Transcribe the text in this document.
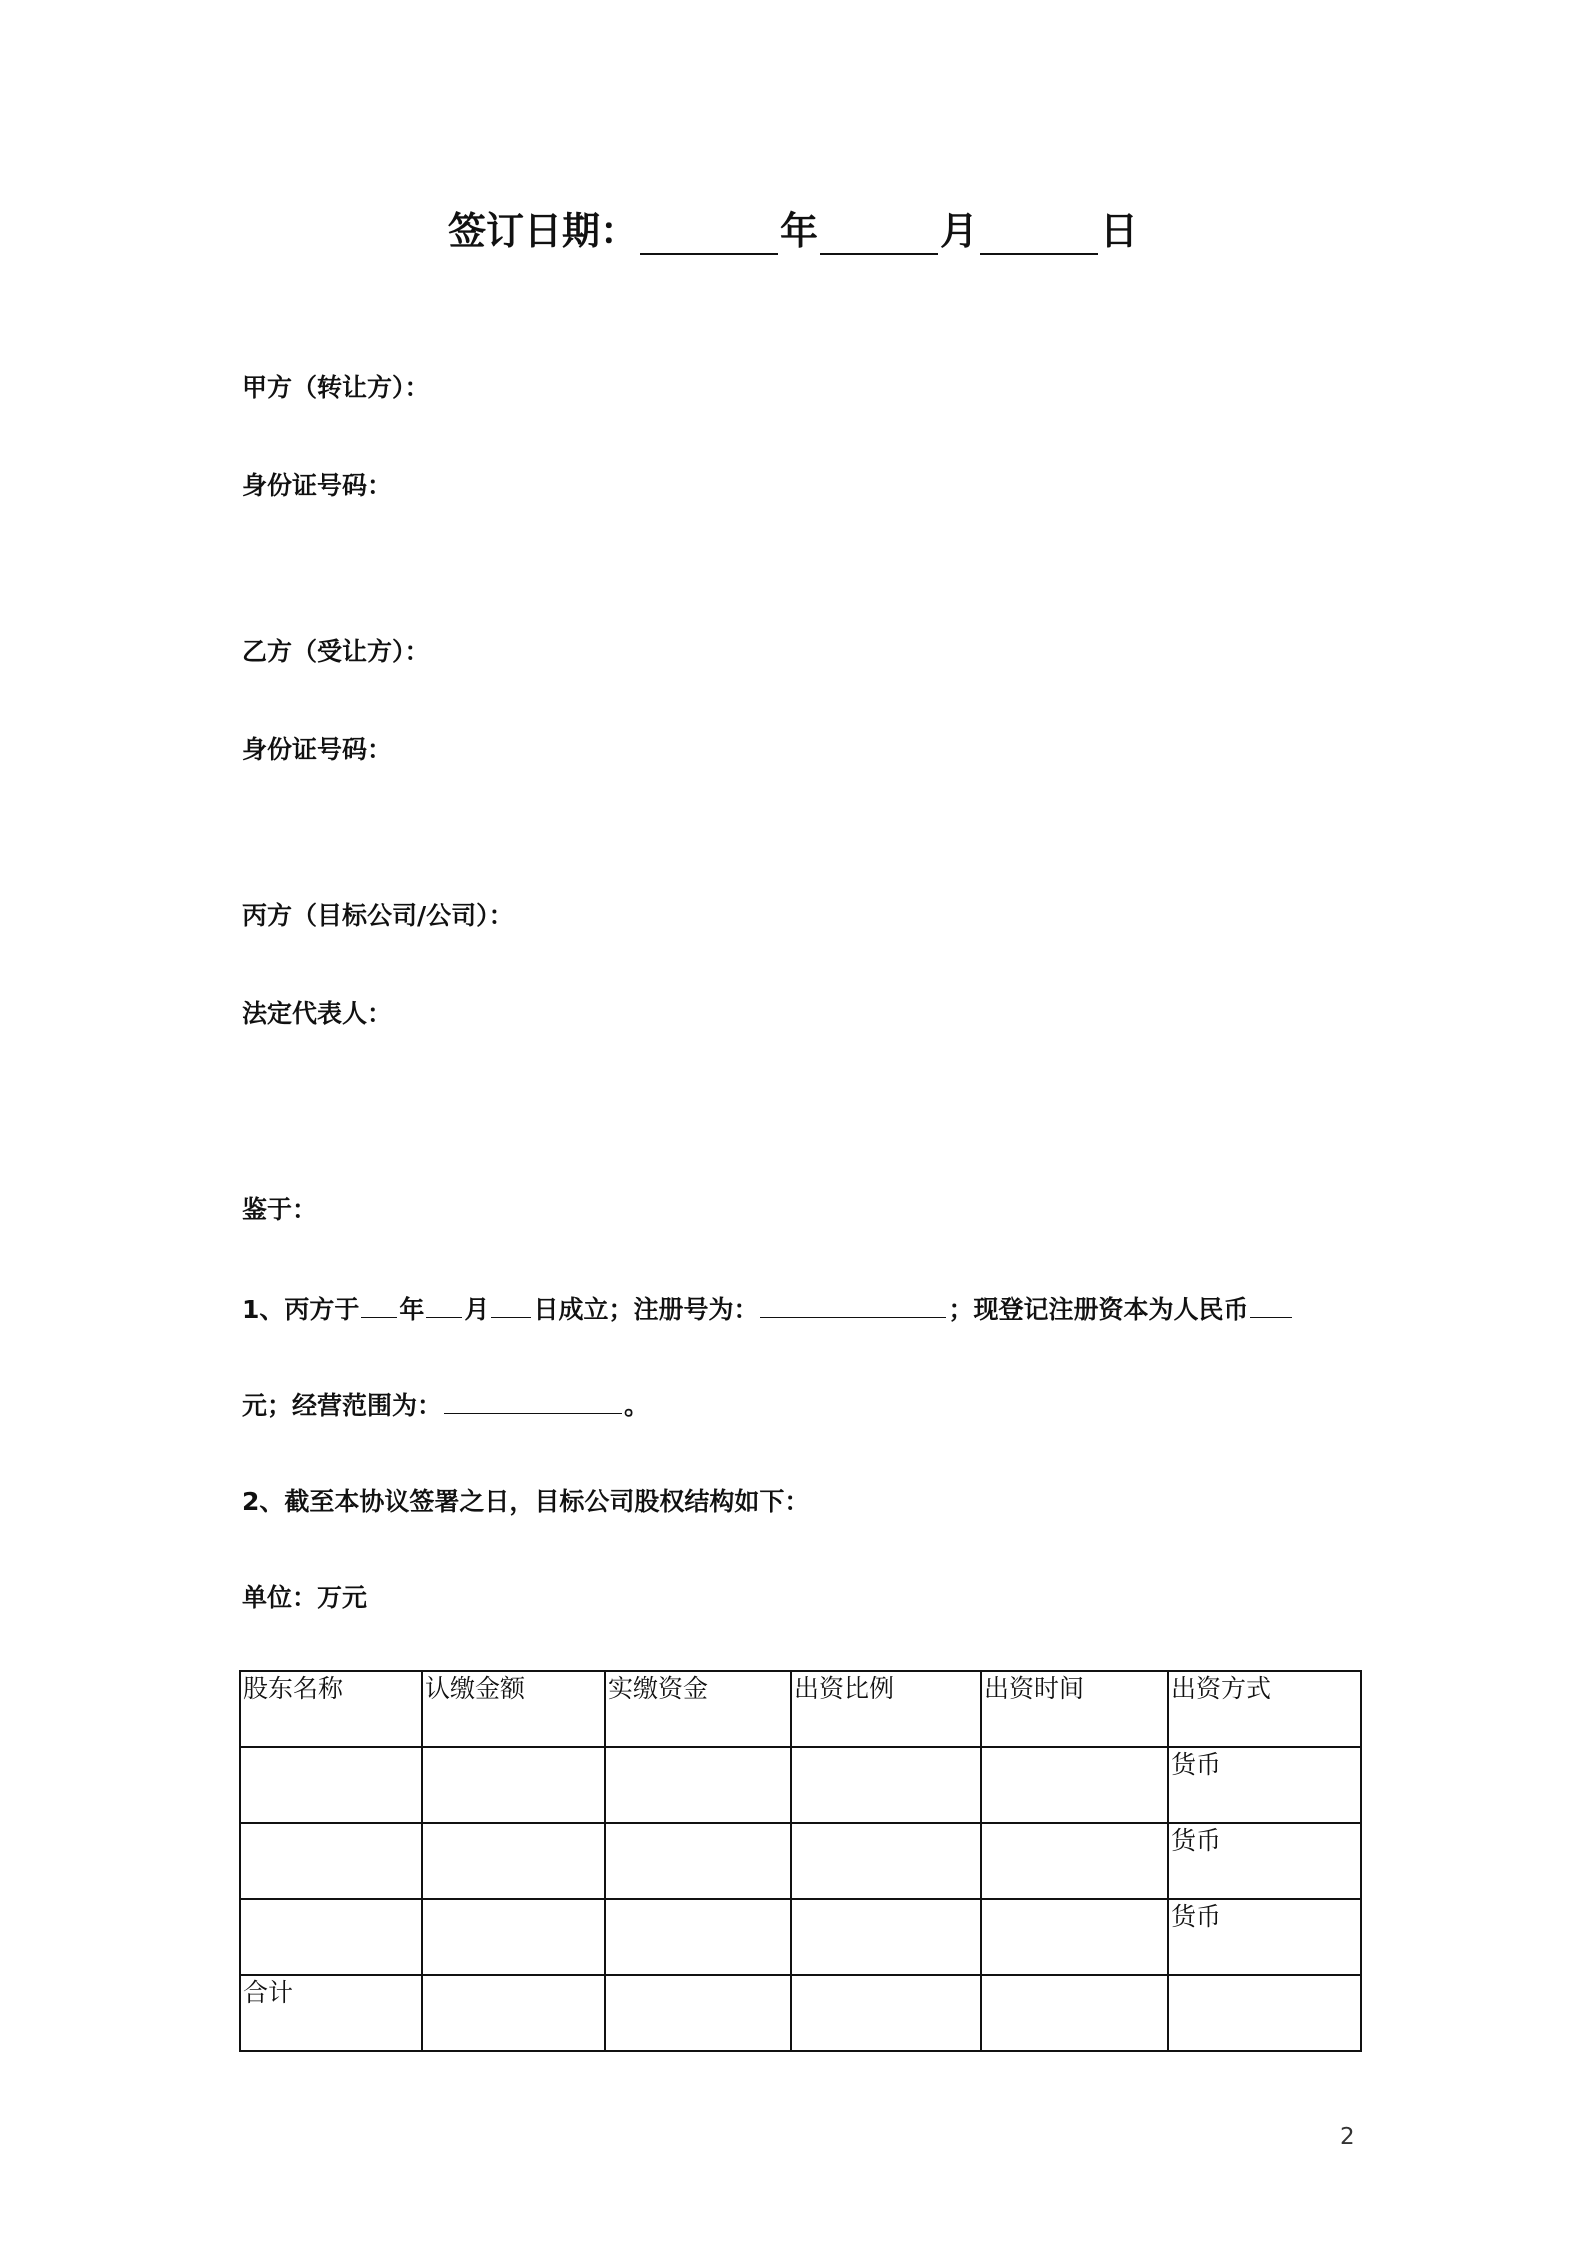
签订日期：	年	月	日
甲方（转让方）：
身份证号码：
乙方（受让方）：
身份证号码：
丙方（目标公司/公司）：
法定代表人：
鉴于：
1、丙方于 年 月 日成立；注册号为：	；现登记注册资本为人民币
元；经营范围为：	。
2、截至本协议签署之日，目标公司股权结构如下：
单位：万元
股东名称	认缴金额	实缴资金	出资比例	出资时间	出资方式
					货币
					货币
					货币
合计					
2
